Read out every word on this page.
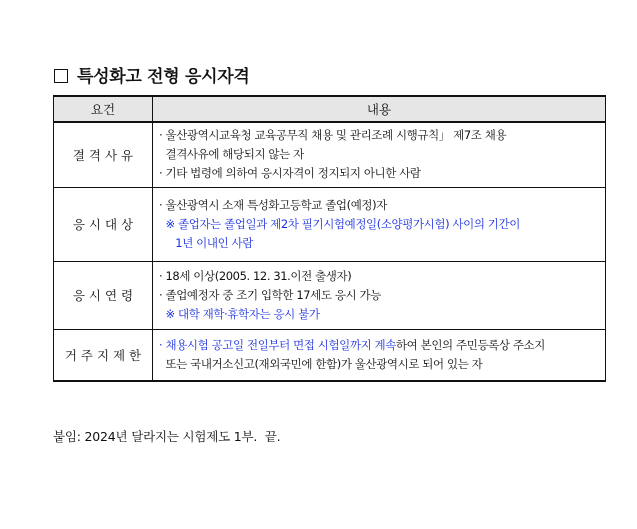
특성화고 전형 응시자격
요건	내용
결 격 사 유	· 울산광역시교육청 교육공무직 채용 및 관리조례 시행규칙」 제7조 채용
결격사유에 해당되지 않는 자
· 기타 법령에 의하여 응시자격이 정지되지 아니한 사람

응 시 대 상	· 울산광역시 소재 특성화고등학교 졸업(예정)자
※ 졸업자는 졸업일과 제2차 필기시험예정일(소양평가시험) 사이의 기간이
1년 이내인 사람

응 시 연 령	· 18세 이상(2005. 12. 31.이전 출생자)
· 졸업예정자 중 조기 입학한 17세도 응시 가능
※ 대학 재학·휴학자는 응시 불가

거 주 지 제 한	· 채용시험 공고일 전일부터 면접 시험일까지 계속하여 본인의 주민등록상 주소지
또는 국내거소신고(재외국민에 한함)가 울산광역시로 되어 있는 자
붙임: 2024년 달라지는 시험제도 1부.  끝.
